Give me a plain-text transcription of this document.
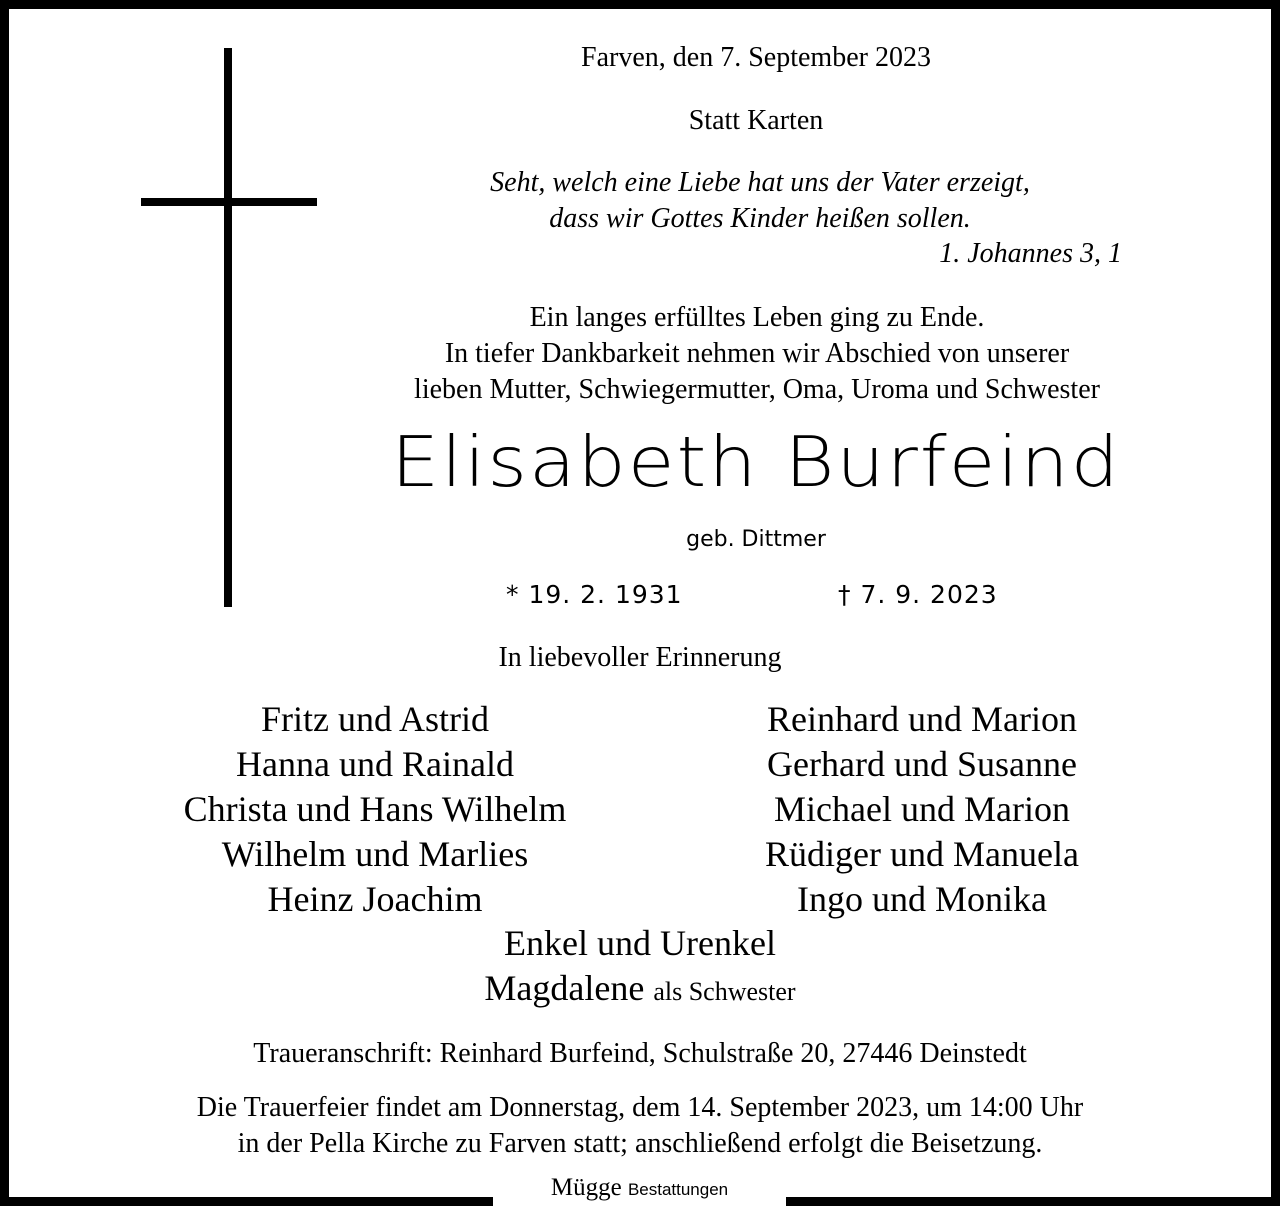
Farven, den 7. September 2023
Statt Karten
Seht, welch eine Liebe hat uns der Vater erzeigt,
dass wir Gottes Kinder heißen sollen.
1. Johannes 3, 1
Ein langes erfülltes Leben ging zu Ende.
In tiefer Dankbarkeit nehmen wir Abschied von unserer
lieben Mutter, Schwiegermutter, Oma, Uroma und Schwester
Elisabeth Burfeind
geb. Dittmer
* 19. 2. 1931	† 7. 9. 2023
In liebevoller Erinnerung
Fritz und Astrid
Hanna und Rainald
Christa und Hans Wilhelm
Wilhelm und Marlies
Heinz Joachim
Reinhard und Marion
Gerhard und Susanne
Michael und Marion
Rüdiger und Manuela
Ingo und Monika
Enkel und Urenkel
Magdalene als Schwester
Traueranschrift: Reinhard Burfeind, Schulstraße 20, 27446 Deinstedt
Die Trauerfeier findet am Donnerstag, dem 14. September 2023, um 14:00 Uhr
in der Pella Kirche zu Farven statt; anschließend erfolgt die Beisetzung.
Mügge Bestattungen
